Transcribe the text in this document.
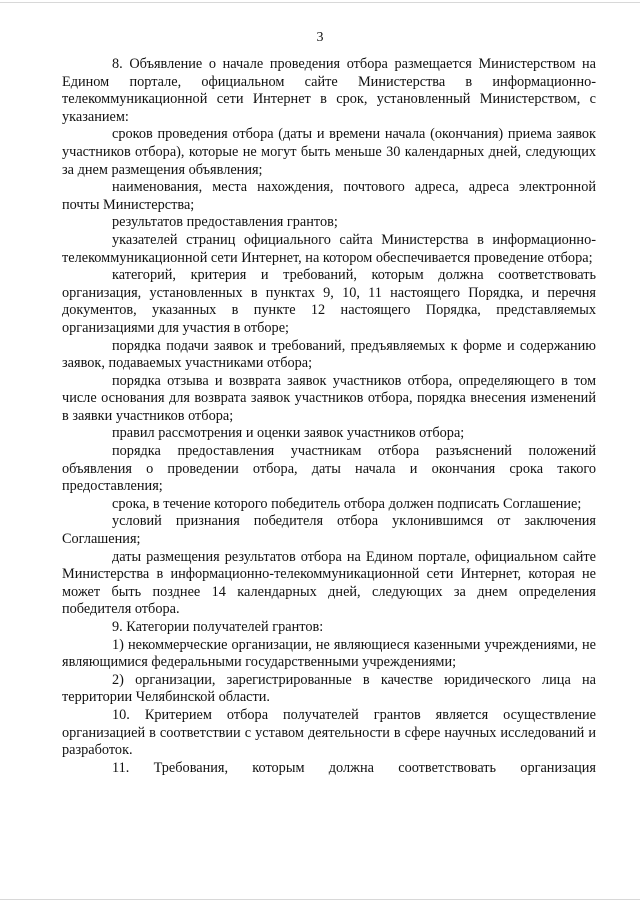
3

8. Объявление о начале проведения отбора размещается Министерством на Едином портале, официальном сайте Министерства в информационно-телекоммуникационной сети Интернет в срок, установленный Министерством, с указанием:

сроков проведения отбора (даты и времени начала (окончания) приема заявок участников отбора), которые не могут быть меньше 30 календарных дней, следующих за днем размещения объявления;

наименования, места нахождения, почтового адреса, адреса электронной почты Министерства;

результатов предоставления грантов;

указателей страниц официального сайта Министерства в информационно-телекоммуникационной сети Интернет, на котором обеспечивается проведение отбора;

категорий, критерия и требований, которым должна соответствовать организация, установленных в пунктах 9, 10, 11 настоящего Порядка, и перечня документов, указанных в пункте 12 настоящего Порядка, представляемых организациями для участия в отборе;

порядка подачи заявок и требований, предъявляемых к форме и содержанию заявок, подаваемых участниками отбора;

порядка отзыва и возврата заявок участников отбора, определяющего в том числе основания для возврата заявок участников отбора, порядка внесения изменений в заявки участников отбора;

правил рассмотрения и оценки заявок участников отбора;

порядка предоставления участникам отбора разъяснений положений объявления о проведении отбора, даты начала и окончания срока такого предоставления;

срока, в течение которого победитель отбора должен подписать Соглашение;

условий признания победителя отбора уклонившимся от заключения Соглашения;

даты размещения результатов отбора на Едином портале, официальном сайте Министерства в информационно-телекоммуникационной сети Интернет, которая не может быть позднее 14 календарных дней, следующих за днем определения победителя отбора.

9. Категории получателей грантов:

1) некоммерческие организации, не являющиеся казенными учреждениями, не являющимися федеральными государственными учреждениями;

2) организации, зарегистрированные в качестве юридического лица на территории Челябинской области.

10. Критерием отбора получателей грантов является осуществление организацией в соответствии с уставом деятельности в сфере научных исследований и разработок.

11. Требования, которым должна соответствовать организация
